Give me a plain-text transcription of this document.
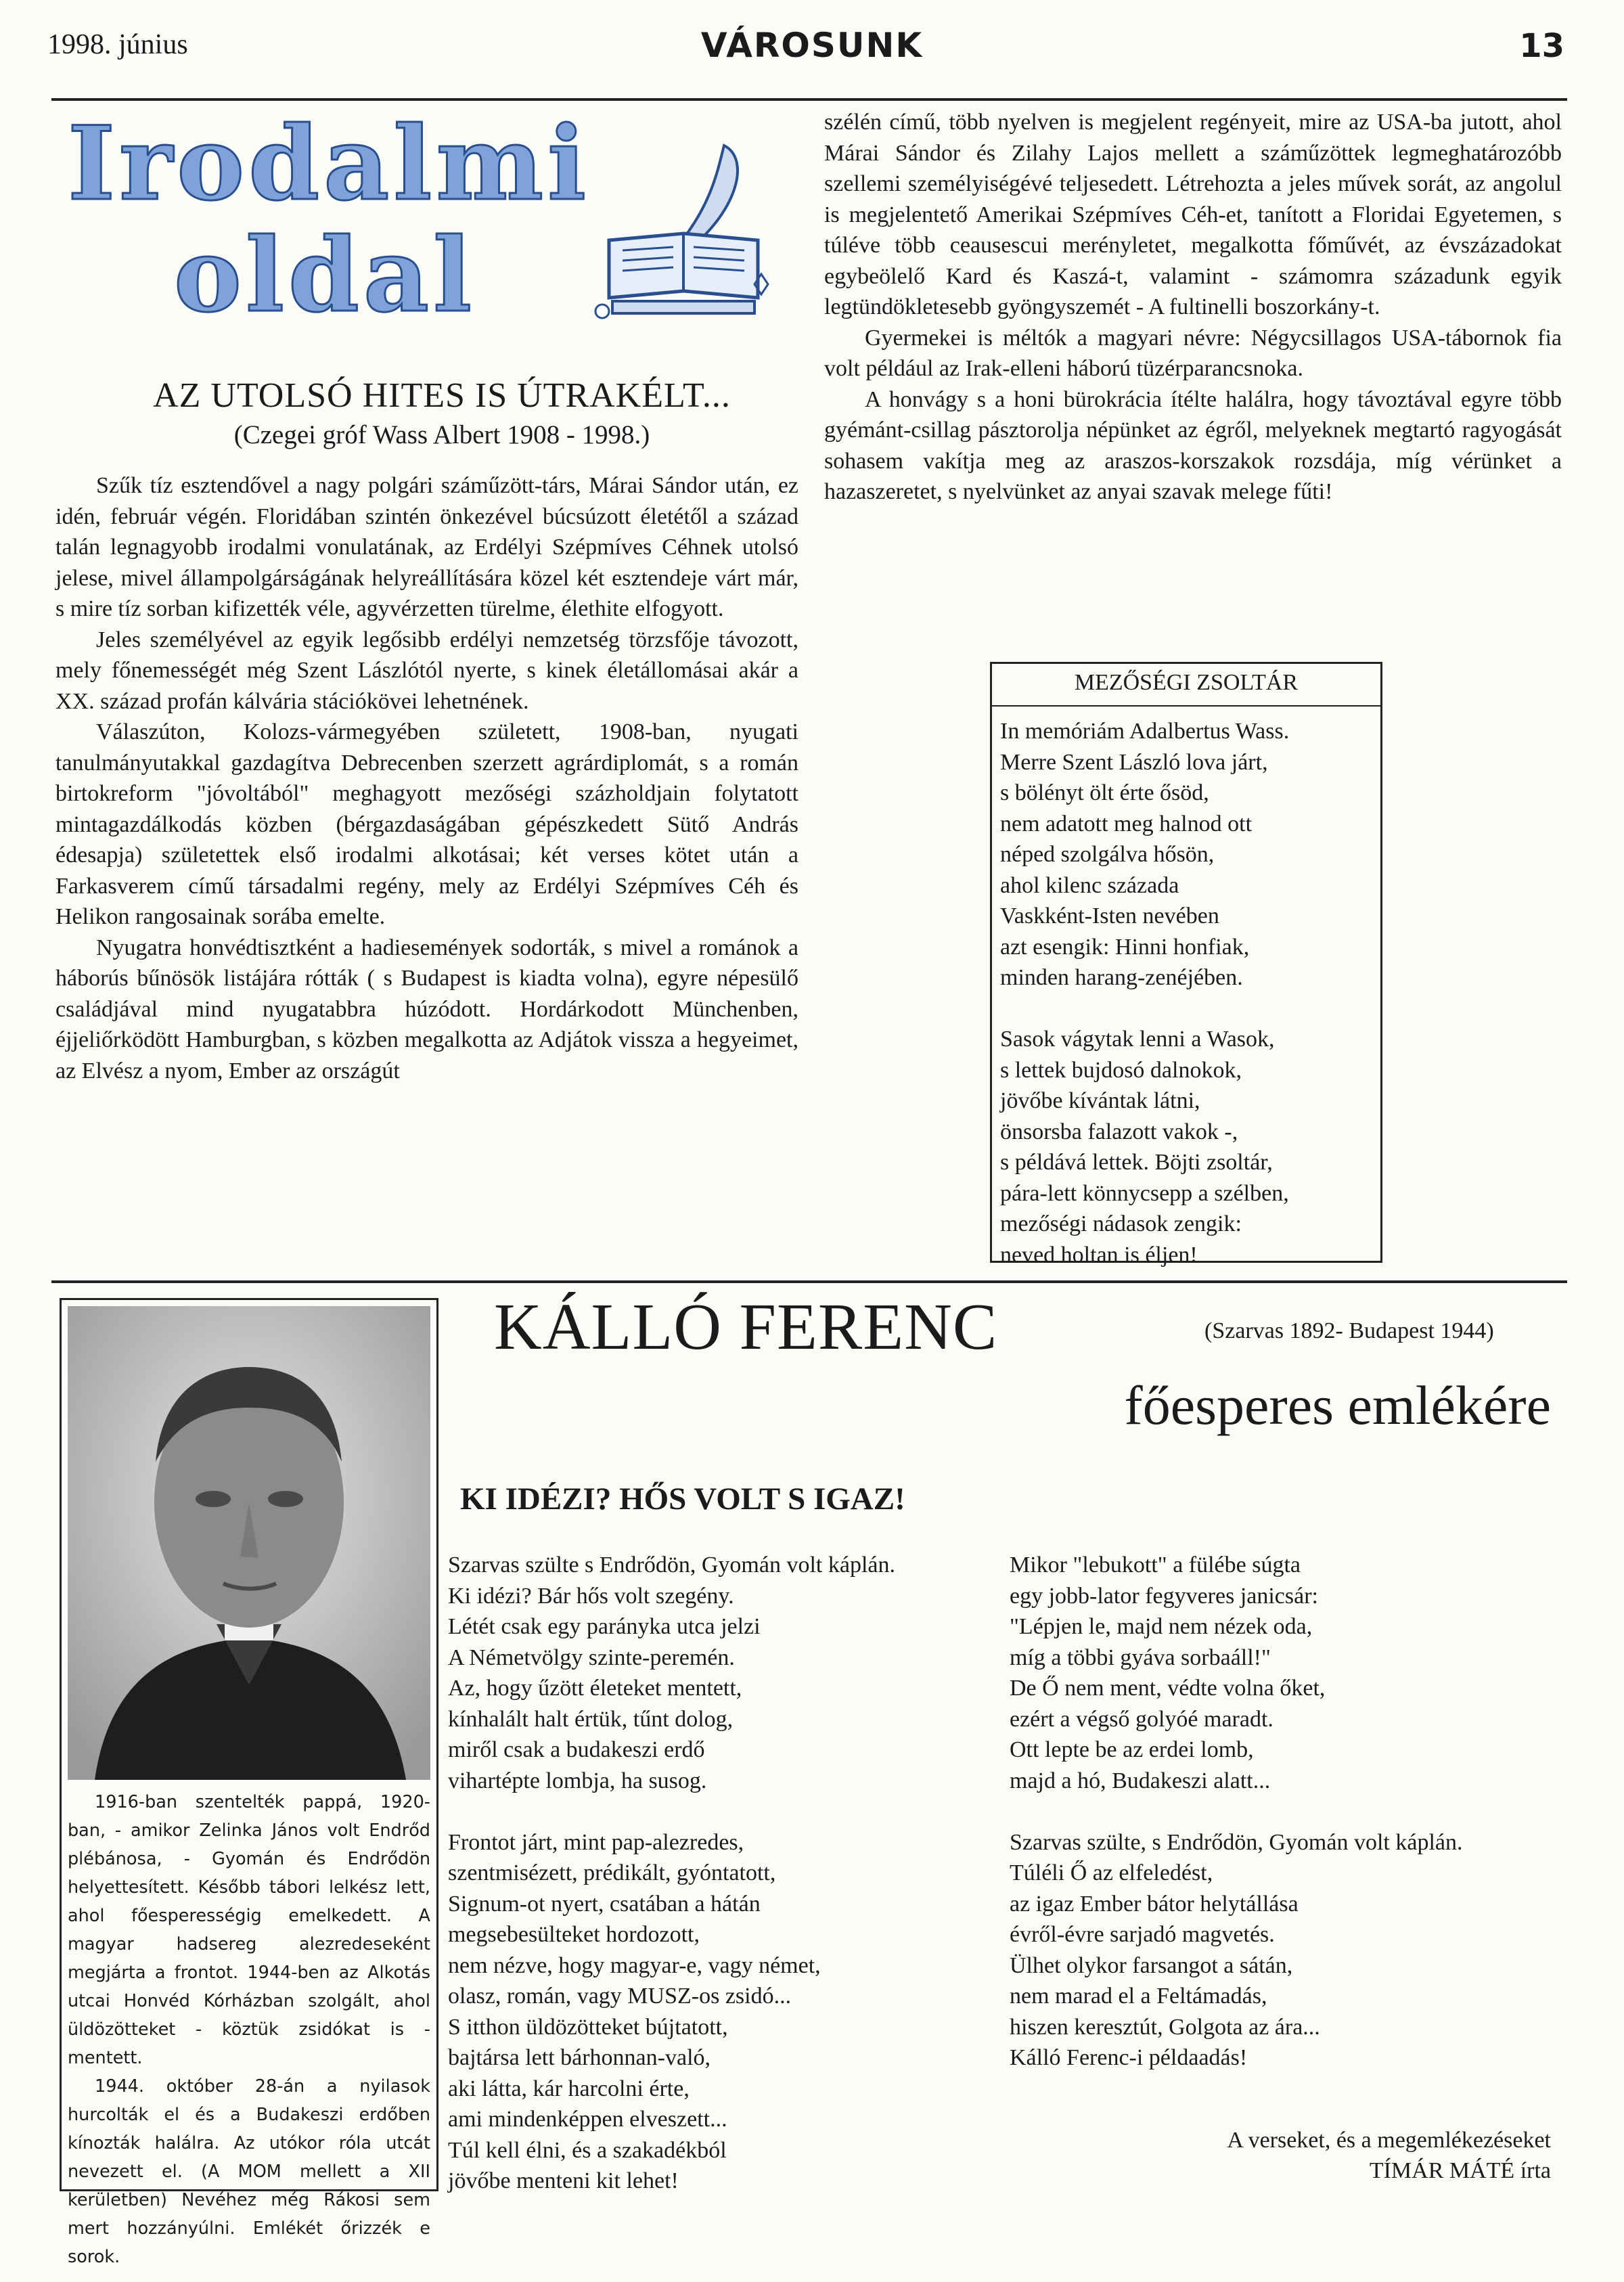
1998. június	VÁROSUNK	13
Irodalmi
oldal
AZ UTOLSÓ HITES IS ÚTRAKÉLT...
(Czegei gróf Wass Albert 1908 - 1998.)

Szűk tíz esztendővel a nagy polgári száműzött-társ, Márai Sándor után, ez idén, február végén. Floridában szintén önkezével búcsúzott életétől a század talán legnagyobb irodalmi vonulatának, az Erdélyi Szépmíves Céhnek utolsó jelese, mivel állampolgárságának helyreállítására közel két esztendeje várt már, s mire tíz sorban kifizették véle, agyvérzetten türelme, élethite elfogyott.

Jeles személyével az egyik legősibb erdélyi nemzetség törzsfője távozott, mely főnemességét még Szent Lászlótól nyerte, s kinek életállomásai akár a XX. század profán kálvária stációkövei lehetnének.

Válaszúton, Kolozs-vármegyében született, 1908-ban, nyugati tanulmányutakkal gazdagítva Debrecenben szerzett agrárdiplomát, s a román birtokreform "jóvoltából" meghagyott mezőségi százholdjain folytatott mintagazdálkodás közben (bérgazdaságában gépészkedett Sütő András édesapja) születettek első irodalmi alkotásai; két verses kötet után a Farkasverem című társadalmi regény, mely az Erdélyi Szépmíves Céh és Helikon rangosainak sorába emelte.

Nyugatra honvédtisztként a hadiesemények sodorták, s mivel a románok a háborús bűnösök listájára rótták ( s Budapest is kiadta volna), egyre népesülő családjával mind nyugatabbra húzódott. Hordárkodott Münchenben, éjjeliőrködött Hamburgban, s közben megalkotta az Adjátok vissza a hegyeimet, az Elvész a nyom, Ember az országút

szélén című, több nyelven is megjelent regényeit, mire az USA-ba jutott, ahol Márai Sándor és Zilahy Lajos mellett a száműzöttek legmeghatározóbb szellemi személyiségévé teljesedett. Létrehozta a jeles művek sorát, az angolul is megjelentető Amerikai Szépmíves Céh-et, tanított a Floridai Egyetemen, s túléve több ceausescui merényletet, megalkotta főművét, az évszázadokat egybeölelő Kard és Kaszá-t, valamint - számomra századunk egyik legtündökletesebb gyöngyszemét - A fultinelli boszorkány-t.

Gyermekei is méltók a magyari névre: Négycsillagos USA-tábornok fia volt például az Irak-elleni háború tüzérparancsnoka.

A honvágy s a honi bürokrácia ítélte halálra, hogy távoztával egyre több gyémánt-csillag pásztorolja népünket az égről, melyeknek megtartó ragyogását sohasem vakítja meg az araszos-korszakok rozsdája, míg vérünket a hazaszeretet, s nyelvünket az anyai szavak melege fűti!

MEZŐSÉGI ZSOLTÁR
In memóriám Adalbertus Wass.
Merre Szent László lova járt,
s bölényt ölt érte ősöd,
nem adatott meg halnod ott
néped szolgálva hősön,
ahol kilenc százada
Vaskként-Isten nevében
azt esengik: Hinni honfiak,
minden harang-zenéjében.

Sasok vágytak lenni a Wasok,
s lettek bujdosó dalnokok,
jövőbe kívántak látni,
önsorsba falazott vakok -,
s példává lettek. Böjti zsoltár,
pára-lett könnycsepp a szélben,
mezőségi nádasok zengik:
neved holtan is éljen!

1916-ban szentelték pappá, 1920-ban, - amikor Zelinka János volt Endrőd plébánosa, - Gyomán és Endrődön helyettesített. Később tábori lelkész lett, ahol főesperességig emelkedett. A magyar hadsereg alezredeseként megjárta a frontot. 1944-ben az Alkotás utcai Honvéd Kórházban szolgált, ahol üldözötteket - köztük zsidókat is - mentett.

1944. október 28-án a nyilasok hurcolták el és a Budakeszi erdőben kínozták halálra. Az utókor róla utcát nevezett el. (A MOM mellett a XII kerületben) Nevéhez még Rákosi sem mert hozzányúlni. Emlékét őrizzék e sorok.

KÁLLÓ FERENC	(Szarvas 1892- Budapest 1944)
főesperes emlékére
KI IDÉZI? HŐS VOLT S IGAZ!
Szarvas szülte s Endrődön, Gyomán volt káplán.
Ki idézi? Bár hős volt szegény.
Létét csak egy parányka utca jelzi
A Németvölgy szinte-peremén.
Az, hogy űzött életeket mentett,
kínhalált halt értük, tűnt dolog,
miről csak a budakeszi erdő
vihartépte lombja, ha susog.

Frontot járt, mint pap-alezredes,
szentmisézett, prédikált, gyóntatott,
Signum-ot nyert, csatában a hátán
megsebesülteket hordozott,
nem nézve, hogy magyar-e, vagy német,
olasz, román, vagy MUSZ-os zsidó...
S itthon üldözötteket bújtatott,
bajtársa lett bárhonnan-való,
aki látta, kár harcolni érte,
ami mindenképpen elveszett...
Túl kell élni, és a szakadékból
jövőbe menteni kit lehet!
Mikor "lebukott" a fülébe súgta
egy jobb-lator fegyveres janicsár:
"Lépjen le, majd nem nézek oda,
míg a többi gyáva sorbaáll!"
De Ő nem ment, védte volna őket,
ezért a végső golyóé maradt.
Ott lepte be az erdei lomb,
majd a hó, Budakeszi alatt...

Szarvas szülte, s Endrődön, Gyomán volt káplán.
Túléli Ő az elfeledést,
az igaz Ember bátor helytállása
évről-évre sarjadó magvetés.
Ülhet olykor farsangot a sátán,
nem marad el a Feltámadás,
hiszen keresztút, Golgota az ára...
Kálló Ferenc-i példaadás!
A verseket, és a megemlékezéseket
TÍMÁR MÁTÉ írta
